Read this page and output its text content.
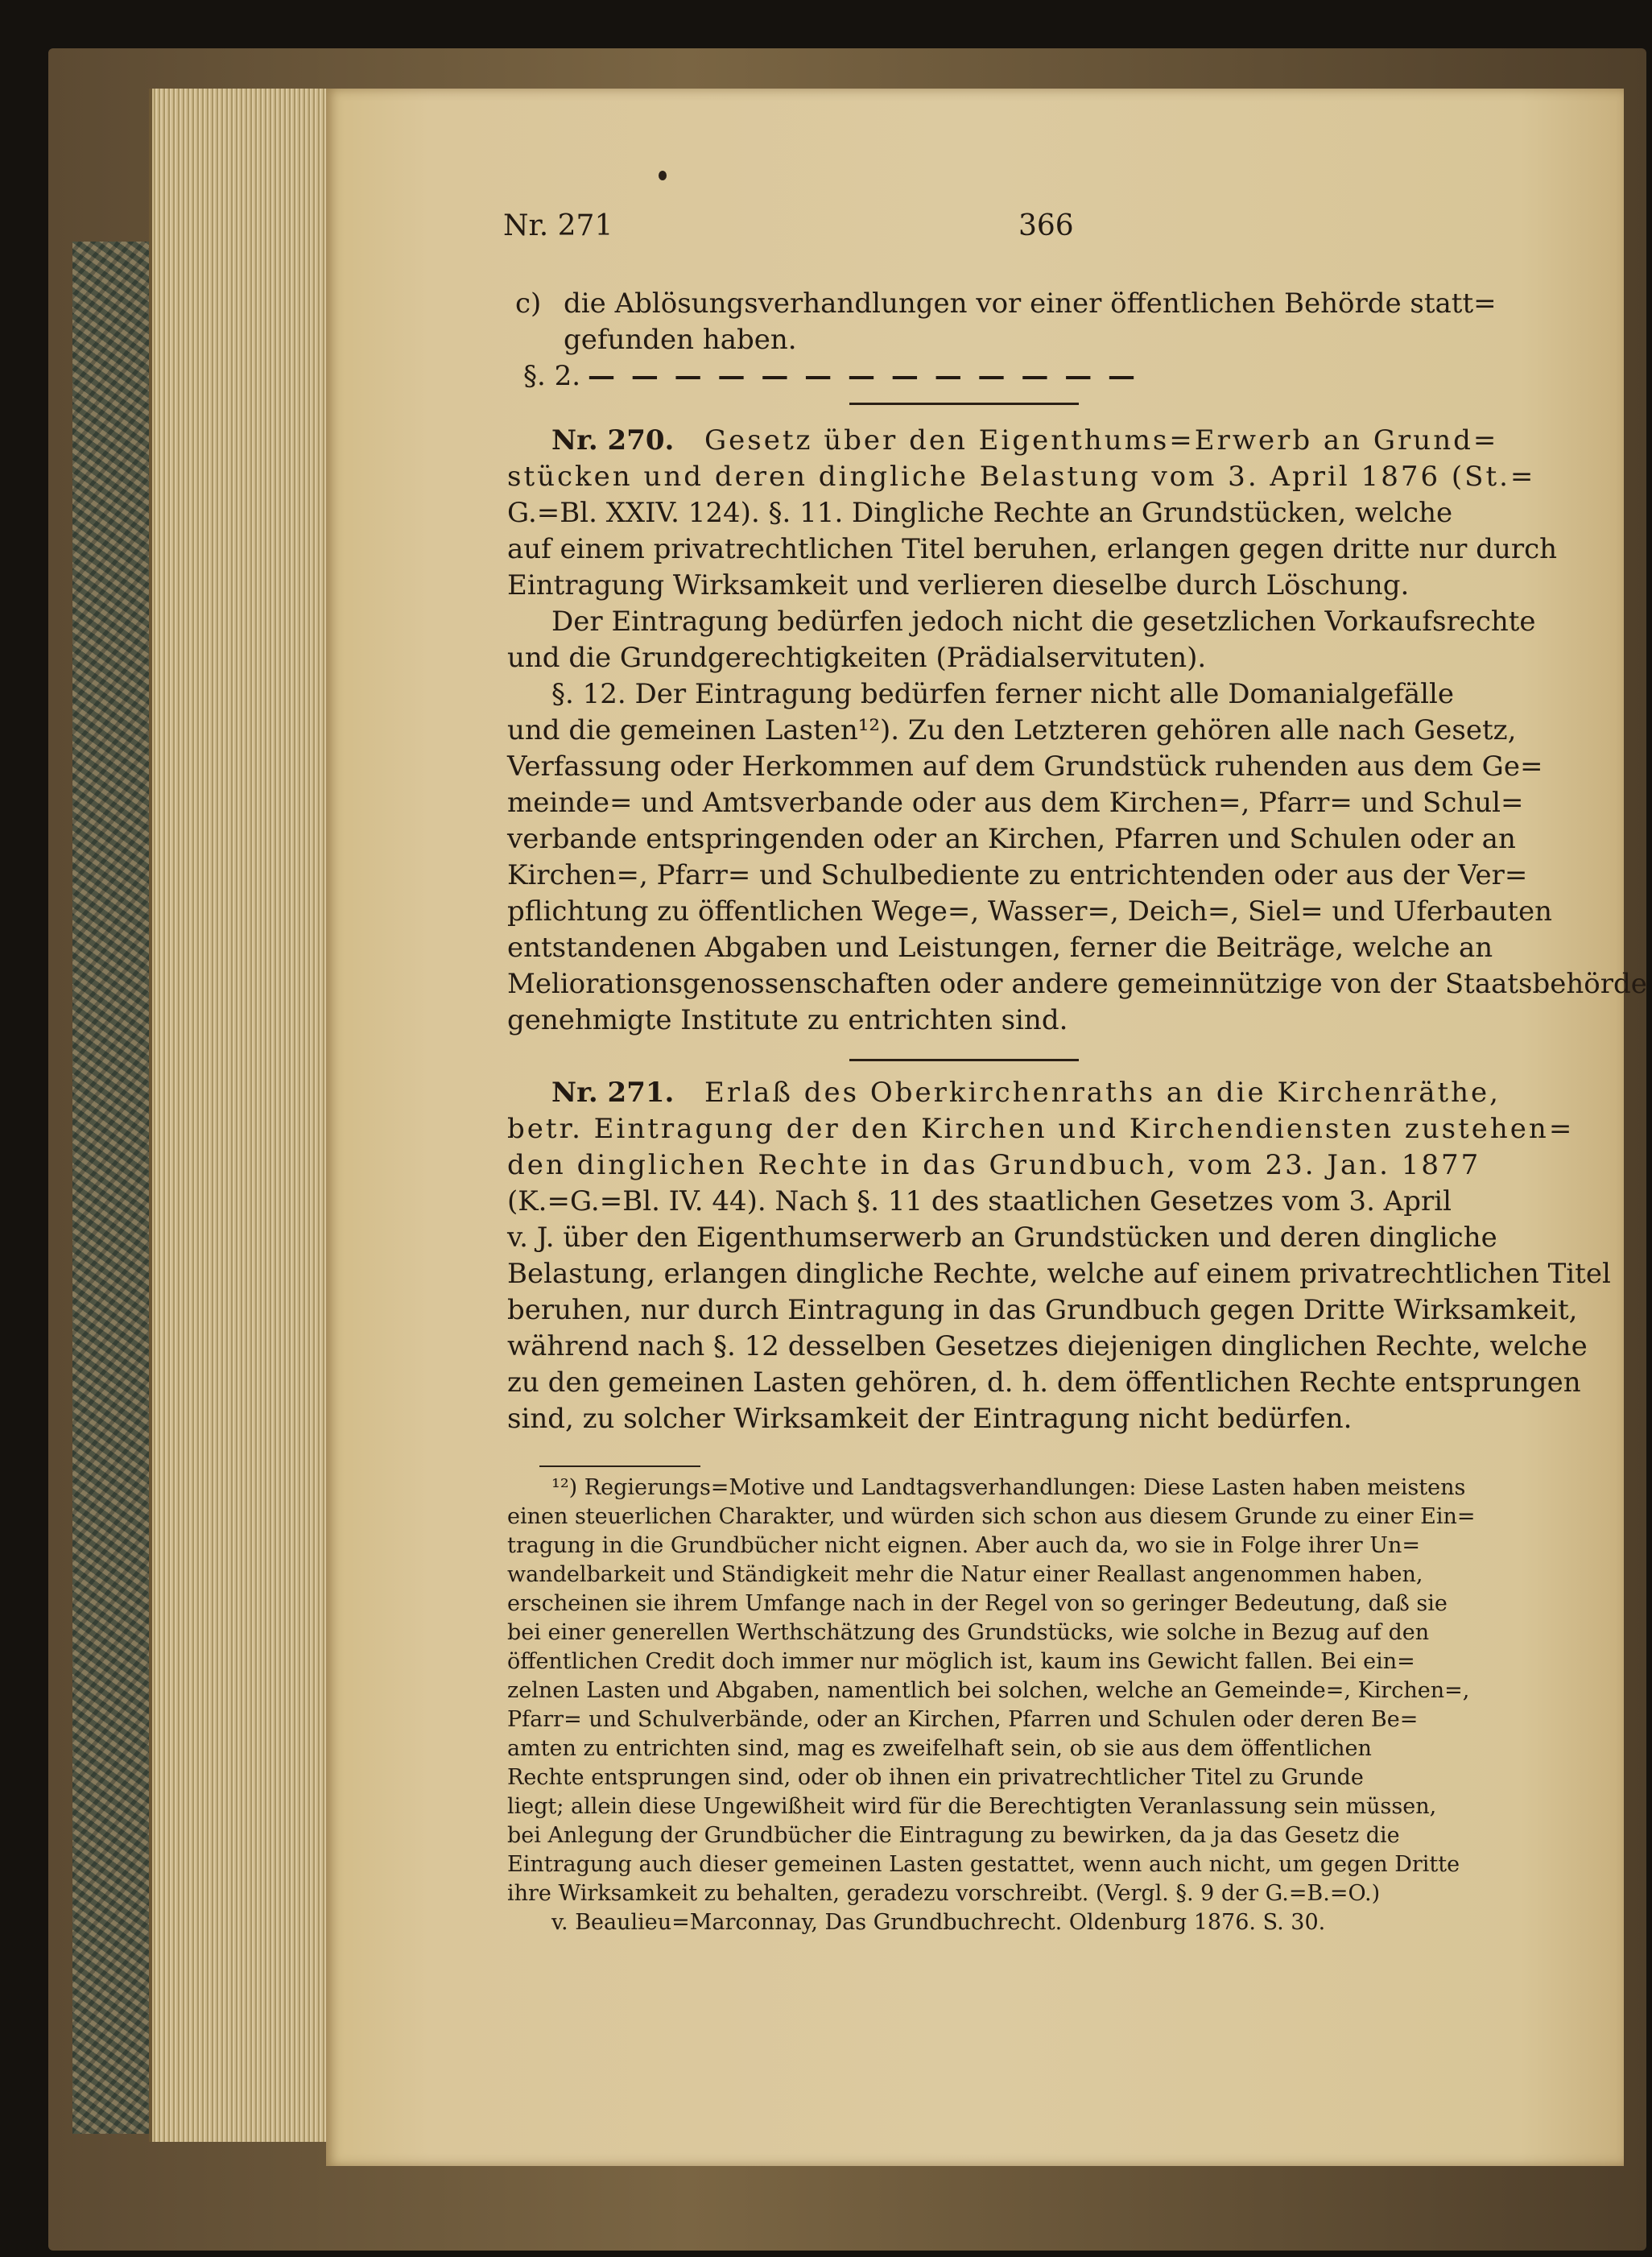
Nr. 271	366
c) die Ablösungsverhandlungen vor einer öffentlichen Behörde statt=
gefunden haben.
§. 2. — — — — — — — — — — — — —
Nr. 270. Gesetz über den Eigenthums=Erwerb an Grund=
stücken und deren dingliche Belastung vom 3. April 1876 (St.=
G.=Bl. XXIV. 124). §. 11. Dingliche Rechte an Grundstücken, welche
auf einem privatrechtlichen Titel beruhen, erlangen gegen dritte nur durch
Eintragung Wirksamkeit und verlieren dieselbe durch Löschung.
Der Eintragung bedürfen jedoch nicht die gesetzlichen Vorkaufsrechte
und die Grundgerechtigkeiten (Prädialservituten).
§. 12. Der Eintragung bedürfen ferner nicht alle Domanialgefälle
und die gemeinen Lasten¹²). Zu den Letzteren gehören alle nach Gesetz,
Verfassung oder Herkommen auf dem Grundstück ruhenden aus dem Ge=
meinde= und Amtsverbande oder aus dem Kirchen=, Pfarr= und Schul=
verbande entspringenden oder an Kirchen, Pfarren und Schulen oder an
Kirchen=, Pfarr= und Schulbediente zu entrichtenden oder aus der Ver=
pflichtung zu öffentlichen Wege=, Wasser=, Deich=, Siel= und Uferbauten
entstandenen Abgaben und Leistungen, ferner die Beiträge, welche an
Meliorationsgenossenschaften oder andere gemeinnützige von der Staatsbehörde
genehmigte Institute zu entrichten sind.
Nr. 271. Erlaß des Oberkirchenraths an die Kirchenräthe,
betr. Eintragung der den Kirchen und Kirchendiensten zustehen=
den dinglichen Rechte in das Grundbuch, vom 23. Jan. 1877
(K.=G.=Bl. IV. 44). Nach §. 11 des staatlichen Gesetzes vom 3. April
v. J. über den Eigenthumserwerb an Grundstücken und deren dingliche
Belastung, erlangen dingliche Rechte, welche auf einem privatrechtlichen Titel
beruhen, nur durch Eintragung in das Grundbuch gegen Dritte Wirksamkeit,
während nach §. 12 desselben Gesetzes diejenigen dinglichen Rechte, welche
zu den gemeinen Lasten gehören, d. h. dem öffentlichen Rechte entsprungen
sind, zu solcher Wirksamkeit der Eintragung nicht bedürfen.
¹²) Regierungs=Motive und Landtagsverhandlungen: Diese Lasten haben meistens
einen steuerlichen Charakter, und würden sich schon aus diesem Grunde zu einer Ein=
tragung in die Grundbücher nicht eignen. Aber auch da, wo sie in Folge ihrer Un=
wandelbarkeit und Ständigkeit mehr die Natur einer Reallast angenommen haben,
erscheinen sie ihrem Umfange nach in der Regel von so geringer Bedeutung, daß sie
bei einer generellen Werthschätzung des Grundstücks, wie solche in Bezug auf den
öffentlichen Credit doch immer nur möglich ist, kaum ins Gewicht fallen. Bei ein=
zelnen Lasten und Abgaben, namentlich bei solchen, welche an Gemeinde=, Kirchen=,
Pfarr= und Schulverbände, oder an Kirchen, Pfarren und Schulen oder deren Be=
amten zu entrichten sind, mag es zweifelhaft sein, ob sie aus dem öffentlichen
Rechte entsprungen sind, oder ob ihnen ein privatrechtlicher Titel zu Grunde
liegt; allein diese Ungewißheit wird für die Berechtigten Veranlassung sein müssen,
bei Anlegung der Grundbücher die Eintragung zu bewirken, da ja das Gesetz die
Eintragung auch dieser gemeinen Lasten gestattet, wenn auch nicht, um gegen Dritte
ihre Wirksamkeit zu behalten, geradezu vorschreibt. (Vergl. §. 9 der G.=B.=O.)
v. Beaulieu=Marconnay, Das Grundbuchrecht. Oldenburg 1876. S. 30.
